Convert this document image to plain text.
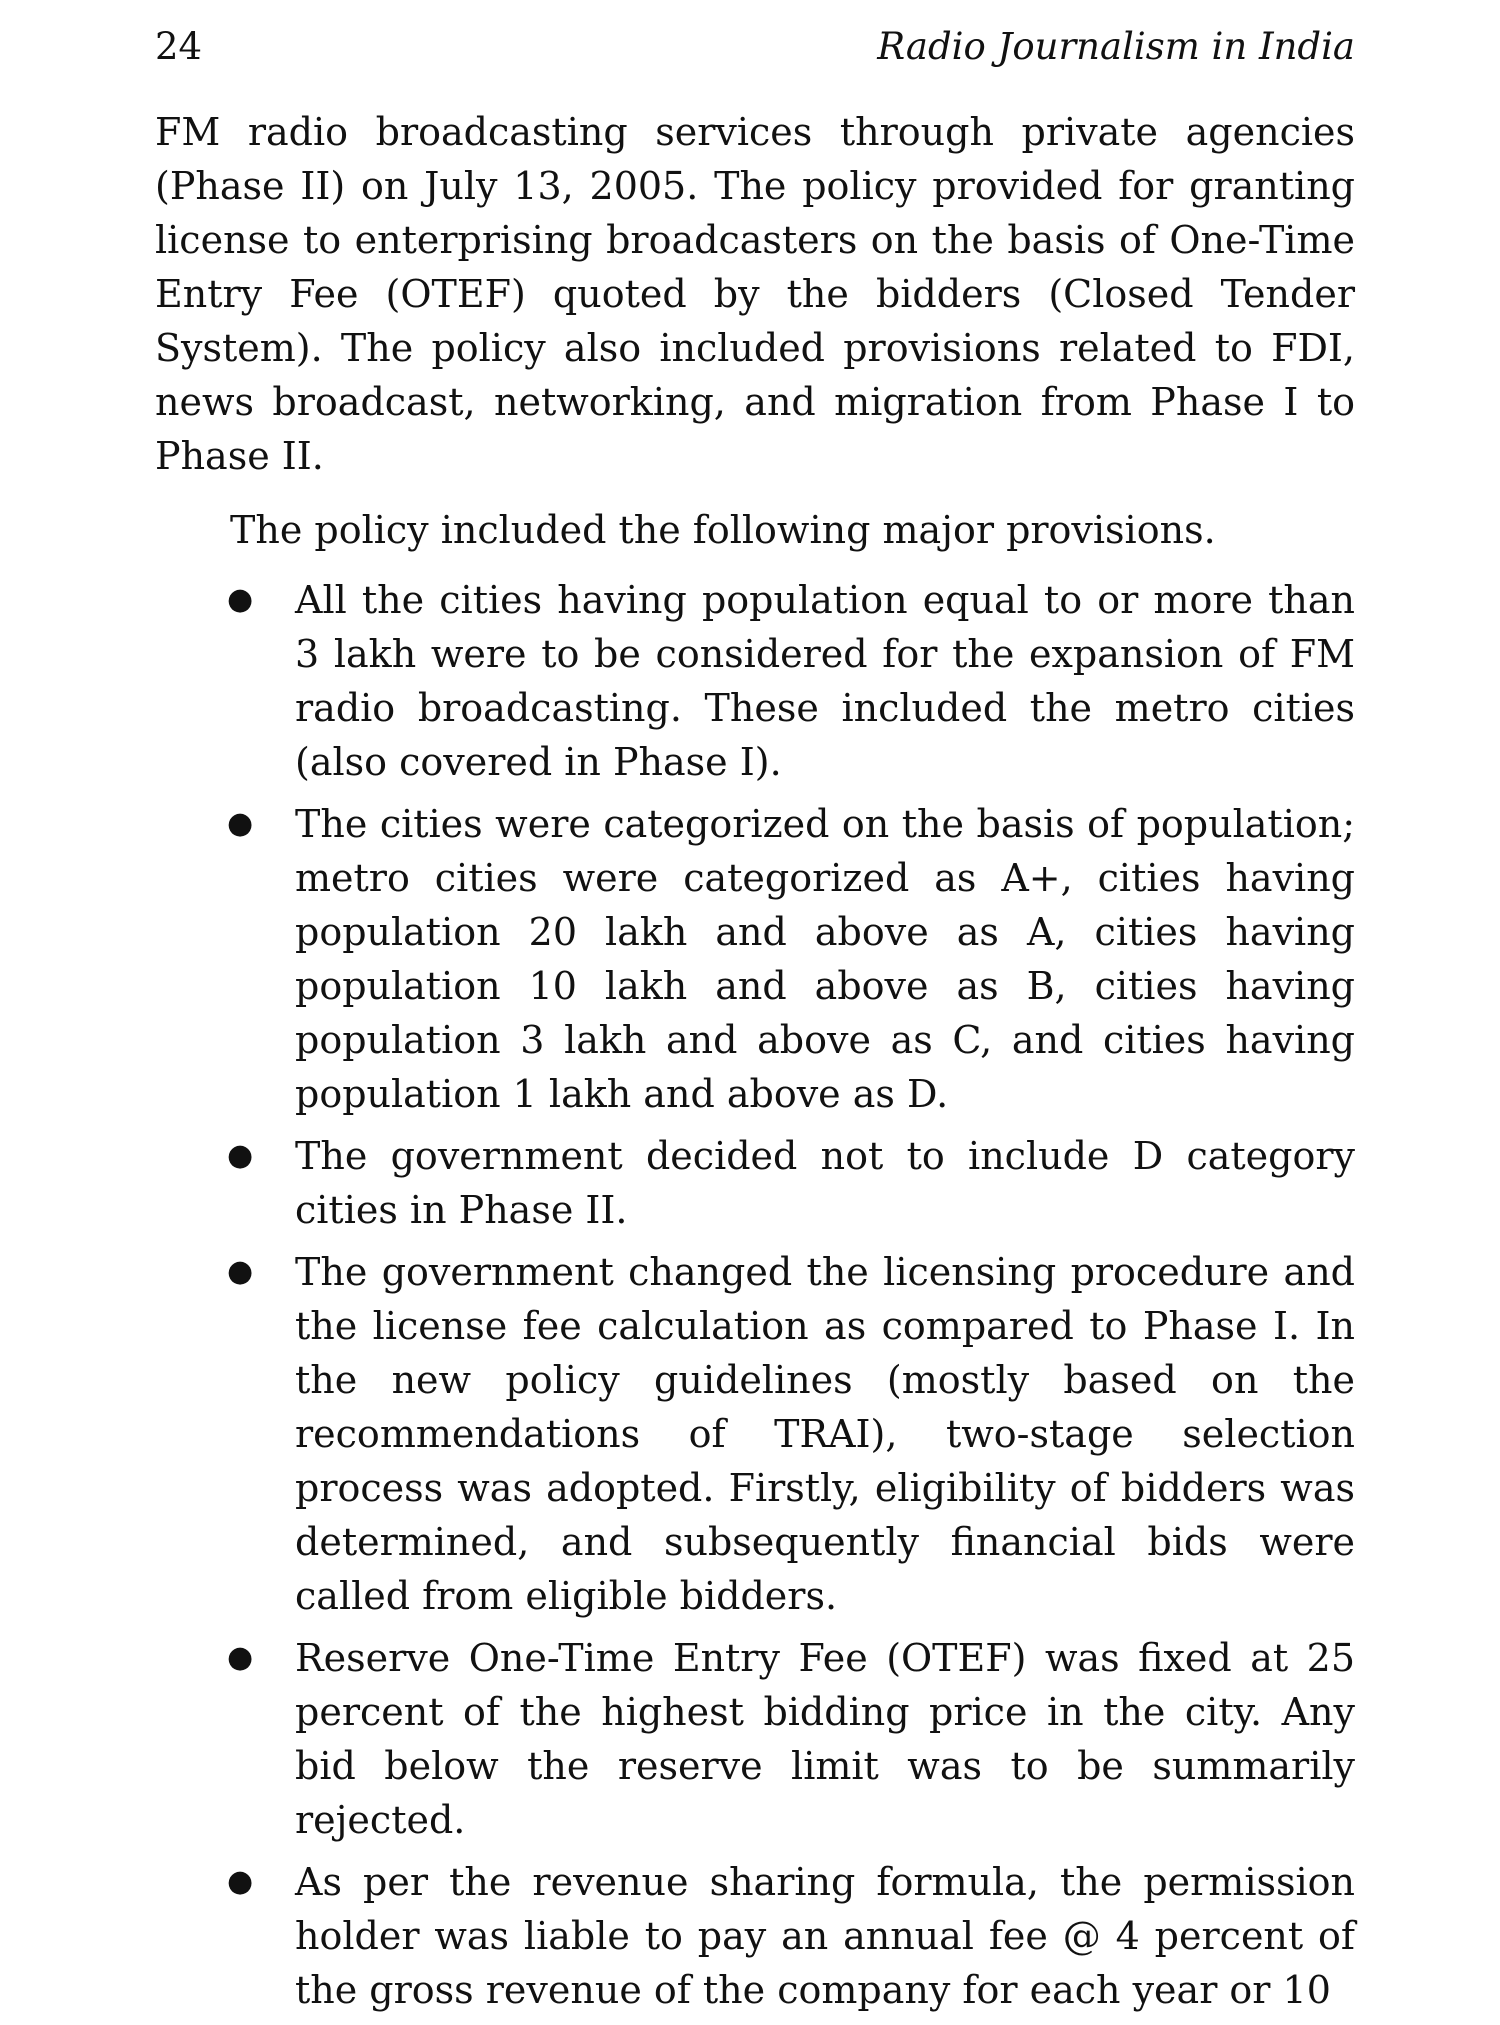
24	Radio Journalism in India

FM radio broadcasting services through private agencies (Phase II) on July 13, 2005. The policy provided for granting license to enterprising broadcasters on the basis of One-Time Entry Fee (OTEF) quoted by the bidders (Closed Tender System). The policy also included provisions related to FDI, news broadcast, networking, and migration from Phase I to Phase II.

The policy included the following major provisions.

● All the cities having population equal to or more than 3 lakh were to be considered for the expansion of FM radio broadcasting. These included the metro cities (also covered in Phase I).
● The cities were categorized on the basis of population; metro cities were categorized as A+, cities having population 20 lakh and above as A, cities having population 10 lakh and above as B, cities having population 3 lakh and above as C, and cities having population 1 lakh and above as D.
● The government decided not to include D category cities in Phase II.
● The government changed the licensing procedure and the license fee calculation as compared to Phase I. In the new policy guidelines (mostly based on the recommendations of TRAI), two-stage selection process was adopted. Firstly, eligibility of bidders was determined, and subsequently financial bids were called from eligible bidders.
● Reserve One-Time Entry Fee (OTEF) was fixed at 25 percent of the highest bidding price in the city. Any bid below the reserve limit was to be summarily rejected.
● As per the revenue sharing formula, the permission holder was liable to pay an annual fee @ 4 percent of the gross revenue of the company for each year or 10
